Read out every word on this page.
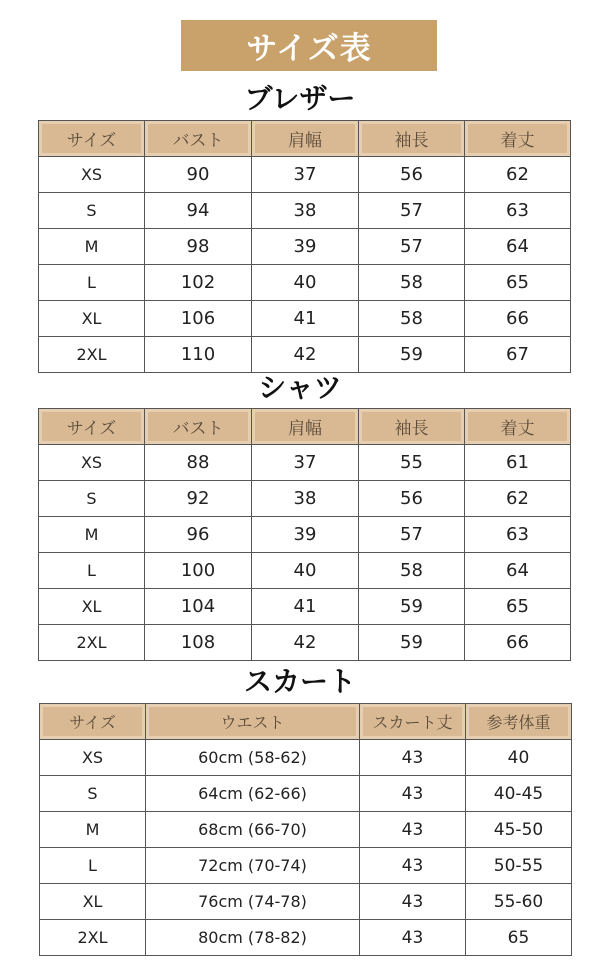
サイズ表
ブレザー
サイズ	バスト	肩幅	袖長	着丈
XS	90	37	56	62
S	94	38	57	63
M	98	39	57	64
L	102	40	58	65
XL	106	41	58	66
2XL	110	42	59	67
シャツ
サイズ	バスト	肩幅	袖長	着丈
XS	88	37	55	61
S	92	38	56	62
M	96	39	57	63
L	100	40	58	64
XL	104	41	59	65
2XL	108	42	59	66
スカート
サイズ	ウエスト	スカート丈	参考体重
XS	60cm (58-62)	43	40
S	64cm (62-66)	43	40-45
M	68cm (66-70)	43	45-50
L	72cm (70-74)	43	50-55
XL	76cm (74-78)	43	55-60
2XL	80cm (78-82)	43	65
